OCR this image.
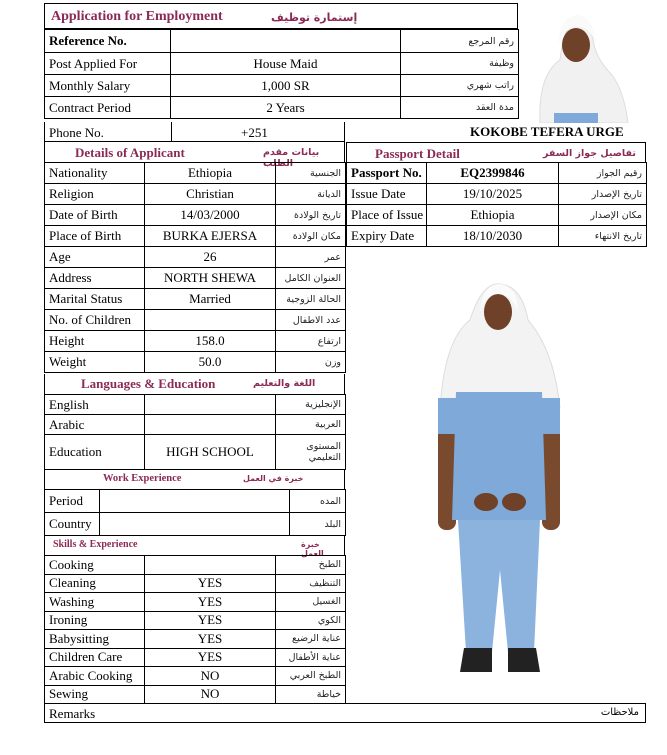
Application for Employment	إستمارة توظيف
Reference No.		رقم المرجع
Post Applied For	House Maid	وظيفة
Monthly Salary	1,000 SR	راتب شهري
Contract Period	2 Years	مدة العقد
Phone No.	+251	KOKOBE TEFERA URGE
Details of Applicant	بيانات مقدم الطلب
Nationality	Ethiopia	الجنسية
Religion	Christian	الديانة
Date of Birth	14/03/2000	تاريخ الولادة
Place of Birth	BURKA EJERSA	مكان الولادة
Age	26	عمر
Address	NORTH SHEWA	العنوان الكامل
Marital Status	Married	الحالة الزوجية
No. of Children		عدد الاطفال
Height	158.0	ارتفاع
Weight	50.0	وزن
Passport Detail	تفاصيل جواز السفر
Passport No.	EQ2399846	رقيم الجواز
Issue Date	19/10/2025	تاريخ الإصدار
Place of Issue	Ethiopia	مكان الإصدار
Expiry Date	18/10/2030	تاريخ الانتهاء
Languages & Education	اللغة والتعليم
English		الإنجليزية
Arabic		العربية
Education	HIGH SCHOOL	المستوى التعليمي
Work Experience	خبرة في العمل
Period		المده
Country		البلد
Skills & Experience	خبرة العمل
Cooking		الطبخ
Cleaning	YES	التنظيف
Washing	YES	الغسيل
Ironing	YES	الكوي
Babysitting	YES	عناية الرضيع
Children Care	YES	عناية الأطفال
Arabic Cooking	NO	الطبخ العربي
Sewing	NO	خياطة
Remarks	ملاحظات
